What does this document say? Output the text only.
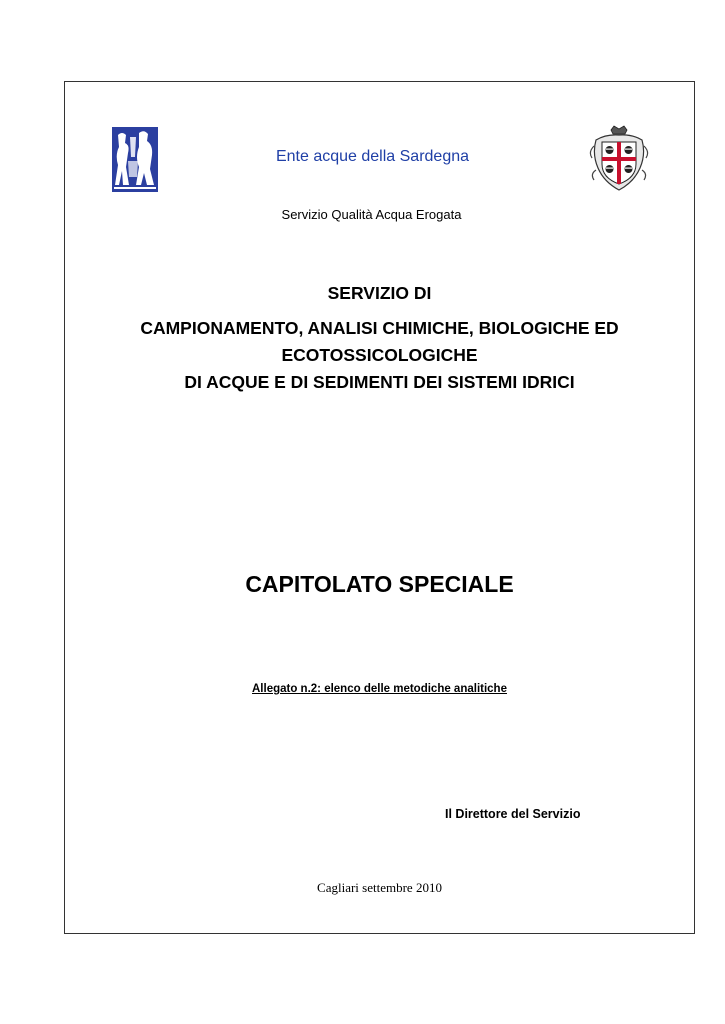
Ente acque della Sardegna
Servizio Qualità Acqua Erogata
SERVIZIO DI
CAMPIONAMENTO, ANALISI CHIMICHE, BIOLOGICHE ED
ECOTOSSICOLOGICHE
DI ACQUE E DI SEDIMENTI DEI SISTEMI IDRICI
CAPITOLATO SPECIALE
Allegato n.2: elenco delle metodiche analitiche
Il Direttore del Servizio
Cagliari settembre 2010
